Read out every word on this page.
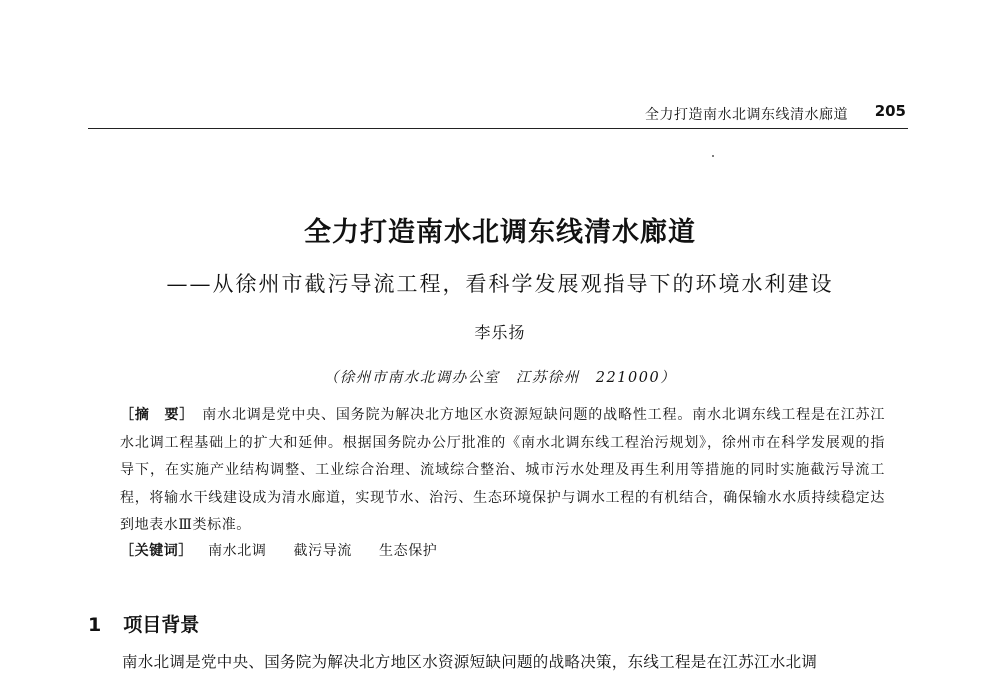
全力打造南水北调东线清水廊道 205
全力打造南水北调东线清水廊道
——从徐州市截污导流工程，看科学发展观指导下的环境水利建设
李乐扬
（徐州市南水北调办公室　江苏徐州　221000）
［摘　要］ 南水北调是党中央、国务院为解决北方地区水资源短缺问题的战略性工程。南水北调东线工程是在江苏江水北调工程基础上的扩大和延伸。根据国务院办公厅批准的《南水北调东线工程治污规划》，徐州市在科学发展观的指导下，在实施产业结构调整、工业综合治理、流域综合整治、城市污水处理及再生利用等措施的同时实施截污导流工程，将输水干线建设成为清水廊道，实现节水、治污、生态环境保护与调水工程的有机结合，确保输水水质持续稳定达到地表水Ⅲ类标准。
［关键词］ 南水北调 截污导流 生态保护
1 项目背景
南水北调是党中央、国务院为解决北方地区水资源短缺问题的战略决策，东线工程是在江苏江水北调
